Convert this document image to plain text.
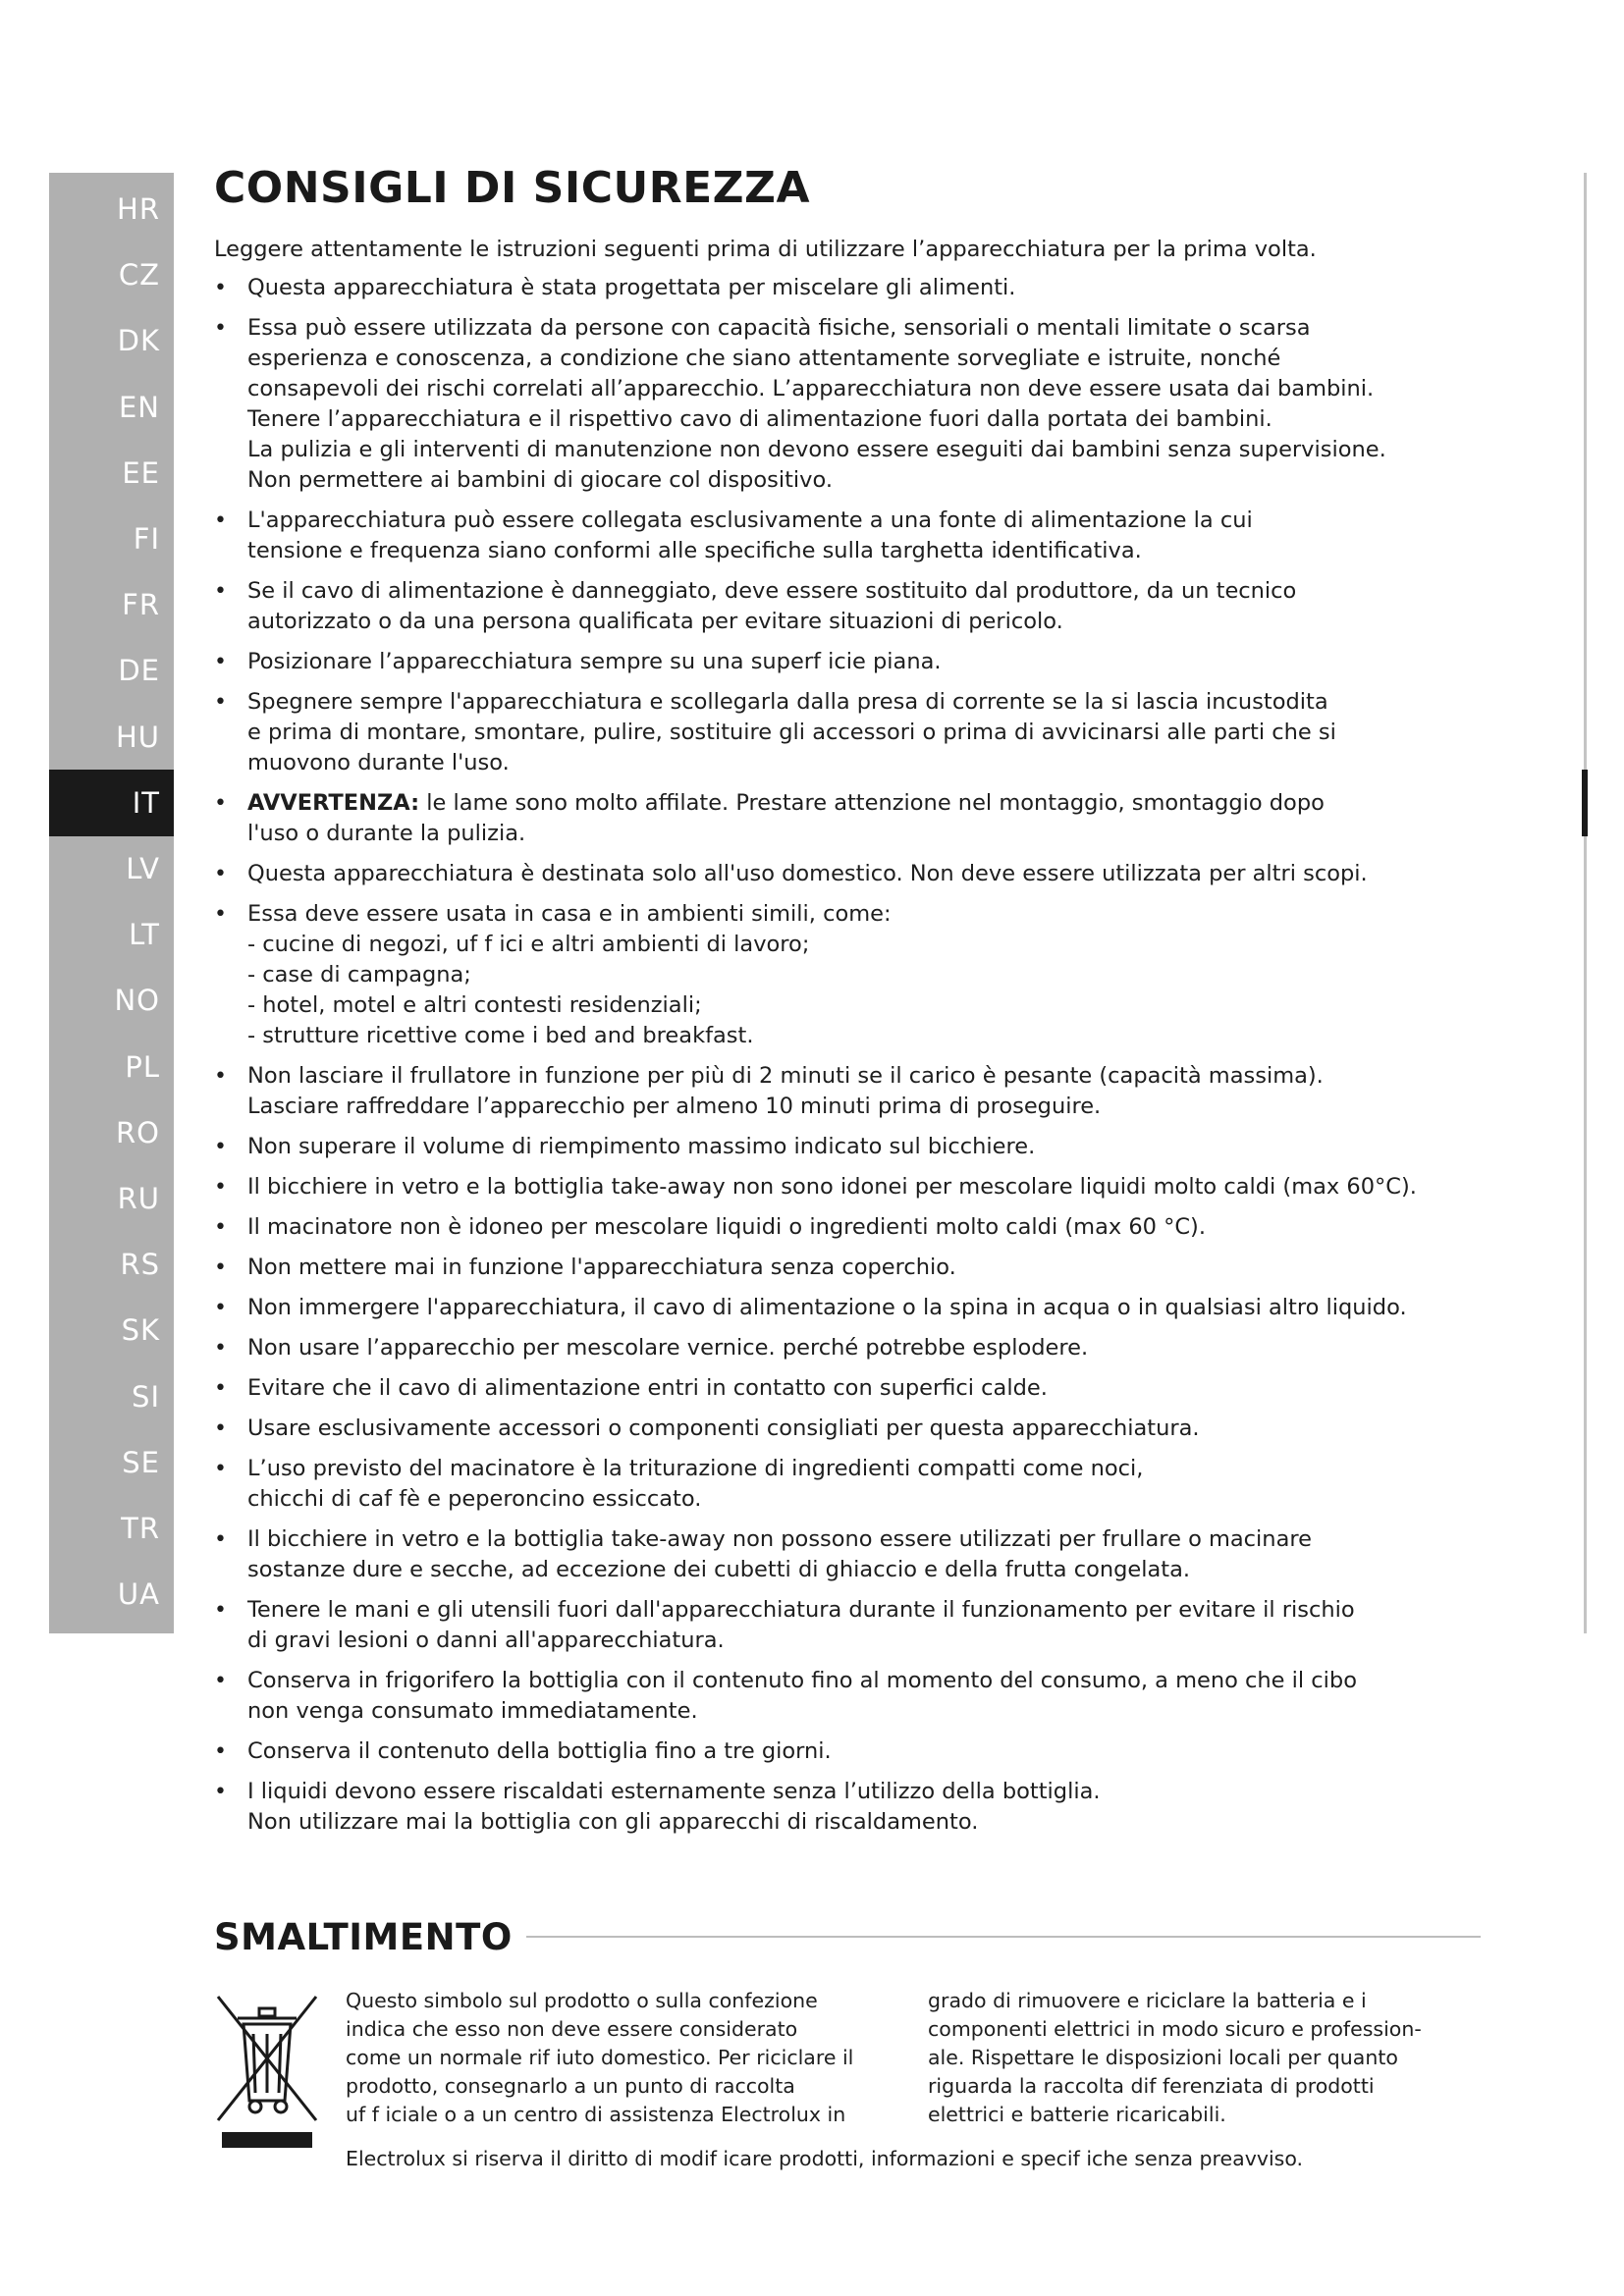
HR
CZ
DK
EN
EE
FI
FR
DE
HU
IT
LV
LT
NO
PL
RO
RU
RS
SK
SI
SE
TR
UA
CONSIGLI DI SICUREZZA

Leggere attentamente le istruzioni seguenti prima di utilizzare l’apparecchiatura per la prima volta.

• Questa apparecchiatura è stata progettata per miscelare gli alimenti.
• Essa può essere utilizzata da persone con capacità fisiche, sensoriali o mentali limitate o scarsa
esperienza e conoscenza, a condizione che siano attentamente sorvegliate e istruite, nonché
consapevoli dei rischi correlati all’apparecchio. L’apparecchiatura non deve essere usata dai bambini.
Tenere l’apparecchiatura e il rispettivo cavo di alimentazione fuori dalla portata dei bambini.
La pulizia e gli interventi di manutenzione non devono essere eseguiti dai bambini senza supervisione.
Non permettere ai bambini di giocare col dispositivo.
• L'apparecchiatura può essere collegata esclusivamente a una fonte di alimentazione la cui
tensione e frequenza siano conformi alle specifiche sulla targhetta identificativa.
• Se il cavo di alimentazione è danneggiato, deve essere sostituito dal produttore, da un tecnico
autorizzato o da una persona qualificata per evitare situazioni di pericolo.
• Posizionare l’apparecchiatura sempre su una superf icie piana.
• Spegnere sempre l'apparecchiatura e scollegarla dalla presa di corrente se la si lascia incustodita
e prima di montare, smontare, pulire, sostituire gli accessori o prima di avvicinarsi alle parti che si
muovono durante l'uso.
• AVVERTENZA: le lame sono molto affilate. Prestare attenzione nel montaggio, smontaggio dopo
l'uso o durante la pulizia.
• Questa apparecchiatura è destinata solo all'uso domestico. Non deve essere utilizzata per altri scopi.
• Essa deve essere usata in casa e in ambienti simili, come:
- cucine di negozi, uf f ici e altri ambienti di lavoro;
- case di campagna;
- hotel, motel e altri contesti residenziali;
- strutture ricettive come i bed and breakfast.
• Non lasciare il frullatore in funzione per più di 2 minuti se il carico è pesante (capacità massima).
Lasciare raffreddare l’apparecchio per almeno 10 minuti prima di proseguire.
• Non superare il volume di riempimento massimo indicato sul bicchiere.
• Il bicchiere in vetro e la bottiglia take-away non sono idonei per mescolare liquidi molto caldi (max 60°C).
• Il macinatore non è idoneo per mescolare liquidi o ingredienti molto caldi (max 60 °C).
• Non mettere mai in funzione l'apparecchiatura senza coperchio.
• Non immergere l'apparecchiatura, il cavo di alimentazione o la spina in acqua o in qualsiasi altro liquido.
• Non usare l’apparecchio per mescolare vernice. perché potrebbe esplodere.
• Evitare che il cavo di alimentazione entri in contatto con superfici calde.
• Usare esclusivamente accessori o componenti consigliati per questa apparecchiatura.
• L’uso previsto del macinatore è la triturazione di ingredienti compatti come noci,
chicchi di caf fè e peperoncino essiccato.
• Il bicchiere in vetro e la bottiglia take-away non possono essere utilizzati per frullare o macinare
sostanze dure e secche, ad eccezione dei cubetti di ghiaccio e della frutta congelata.
• Tenere le mani e gli utensili fuori dall'apparecchiatura durante il funzionamento per evitare il rischio
di gravi lesioni o danni all'apparecchiatura.
• Conserva in frigorifero la bottiglia con il contenuto fino al momento del consumo, a meno che il cibo
non venga consumato immediatamente.
• Conserva il contenuto della bottiglia fino a tre giorni.
• I liquidi devono essere riscaldati esternamente senza l’utilizzo della bottiglia.
Non utilizzare mai la bottiglia con gli apparecchi di riscaldamento.
SMALTIMENTO
Questo simbolo sul prodotto o sulla confezione
indica che esso non deve essere considerato
come un normale rif iuto domestico. Per riciclare il
prodotto, consegnarlo a un punto di raccolta
uf f iciale o a un centro di assistenza Electrolux in
grado di rimuovere e riciclare la batteria e i
componenti elettrici in modo sicuro e profession-
ale. Rispettare le disposizioni locali per quanto
riguarda la raccolta dif ferenziata di prodotti
elettrici e batterie ricaricabili.
Electrolux si riserva il diritto di modif icare prodotti, informazioni e specif iche senza preavviso.
